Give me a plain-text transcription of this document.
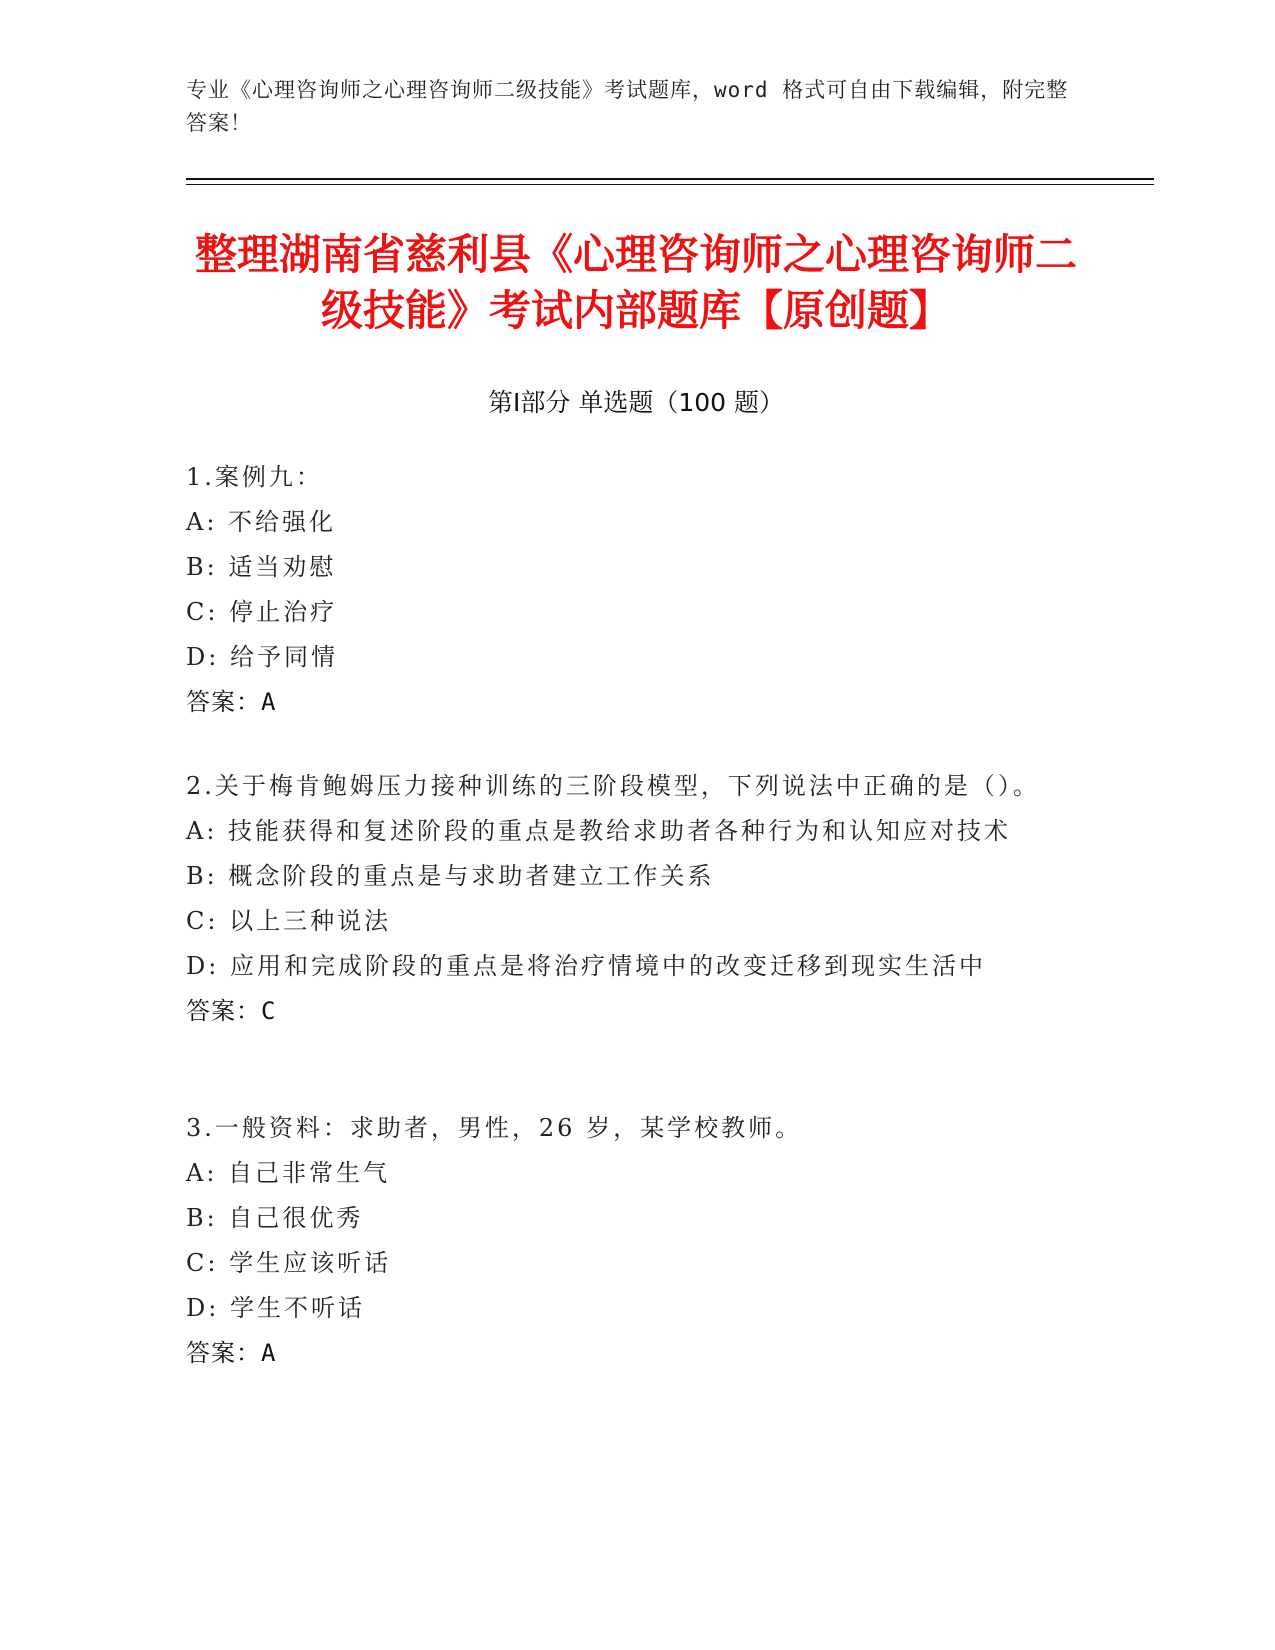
专业《心理咨询师之心理咨询师二级技能》考试题库，word 格式可自由下载编辑，附完整答案！
整理湖南省慈利县《心理咨询师之心理咨询师二级技能》考试内部题库【原创题】
第Ⅰ部分 单选题（100 题）
1.案例九：
A: 不给强化
B: 适当劝慰
C: 停止治疗
D: 给予同情
答案：A
2.关于梅肯鲍姆压力接种训练的三阶段模型，下列说法中正确的是（）。
A: 技能获得和复述阶段的重点是教给求助者各种行为和认知应对技术
B: 概念阶段的重点是与求助者建立工作关系
C: 以上三种说法
D: 应用和完成阶段的重点是将治疗情境中的改变迁移到现实生活中
答案：C
3.一般资料：求助者，男性，26 岁，某学校教师。
A: 自己非常生气
B: 自己很优秀
C: 学生应该听话
D: 学生不听话
答案：A
